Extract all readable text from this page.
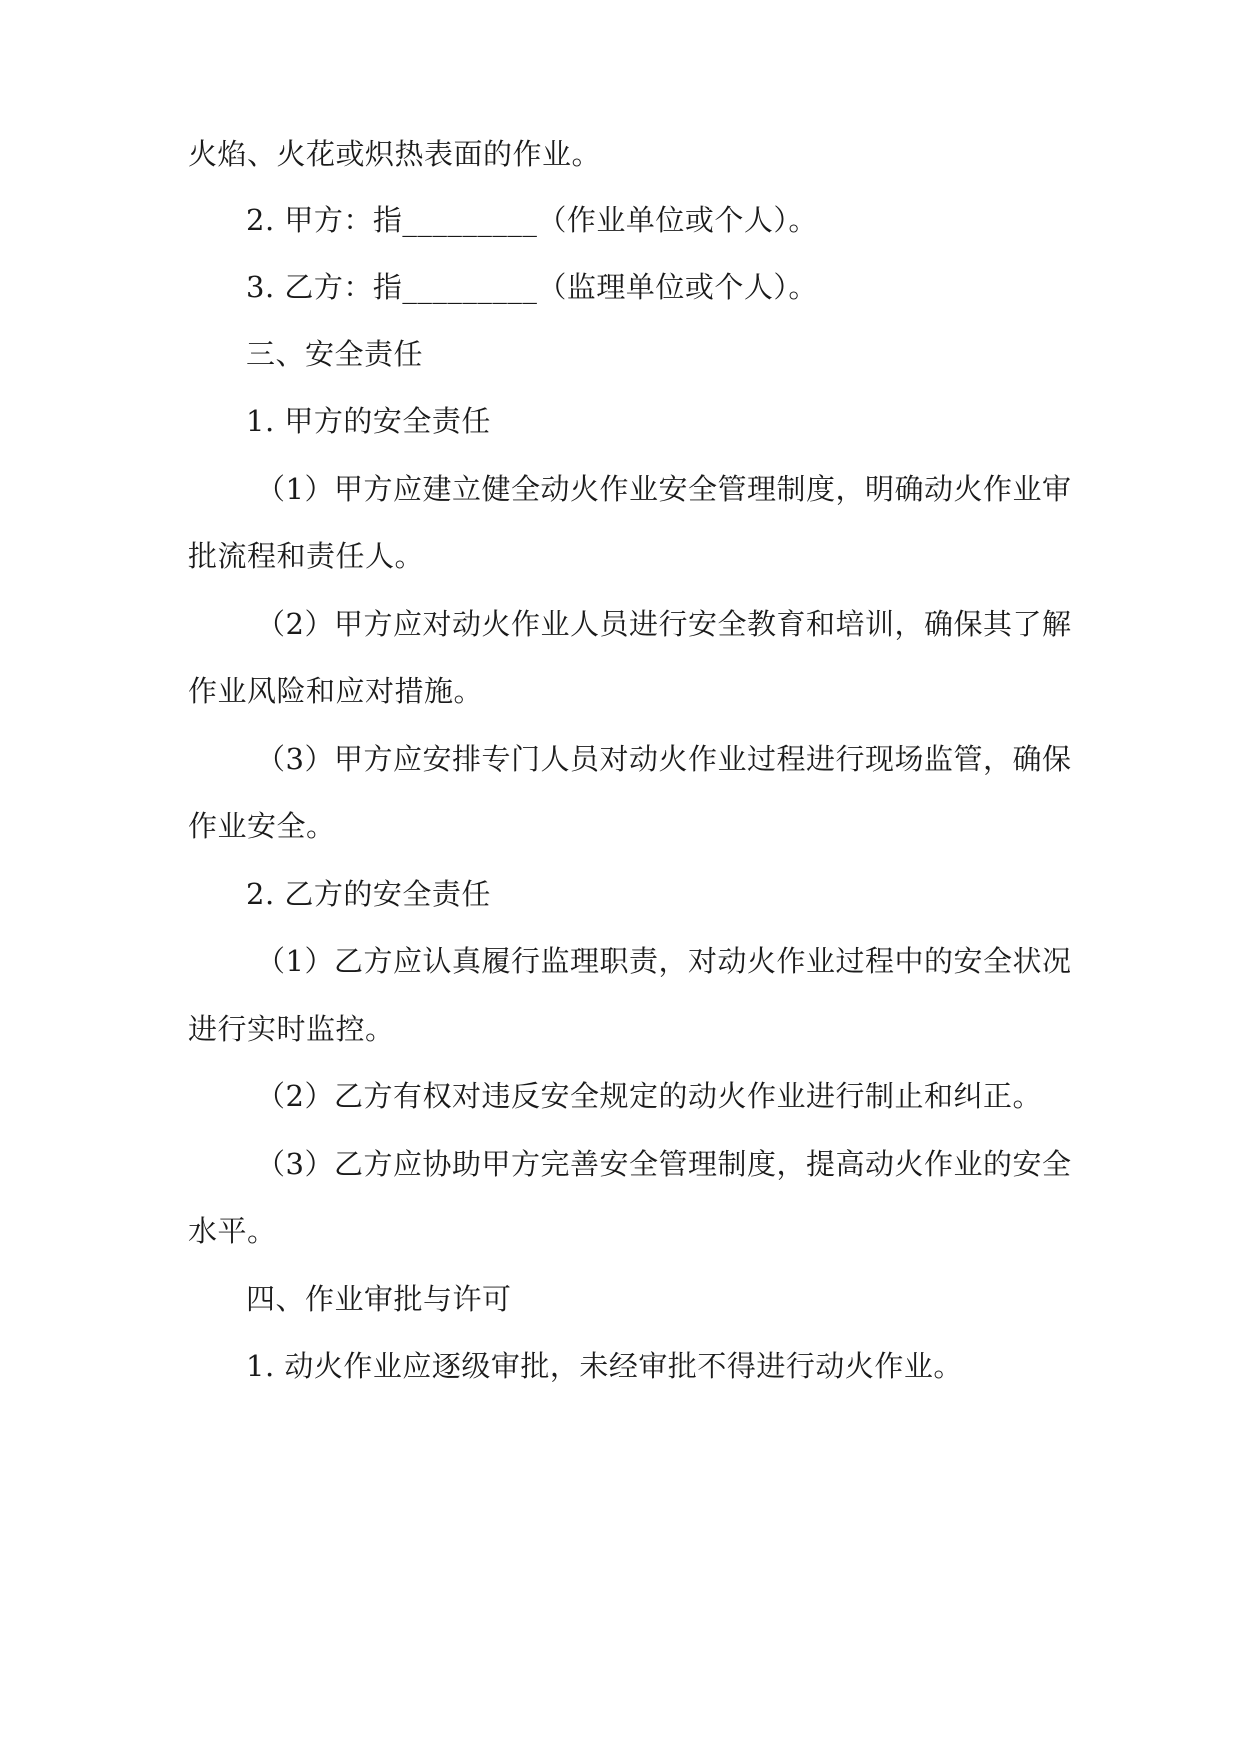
火焰、火花或炽热表面的作业。
2. 甲方：指_________（作业单位或个人）。
3. 乙方：指_________（监理单位或个人）。
三、安全责任
1. 甲方的安全责任
（1）甲方应建立健全动火作业安全管理制度，明确动火作业审
批流程和责任人。
（2）甲方应对动火作业人员进行安全教育和培训，确保其了解
作业风险和应对措施。
（3）甲方应安排专门人员对动火作业过程进行现场监管，确保
作业安全。
2. 乙方的安全责任
（1）乙方应认真履行监理职责，对动火作业过程中的安全状况
进行实时监控。
（2）乙方有权对违反安全规定的动火作业进行制止和纠正。
（3）乙方应协助甲方完善安全管理制度，提高动火作业的安全
水平。
四、作业审批与许可
1. 动火作业应逐级审批，未经审批不得进行动火作业。
